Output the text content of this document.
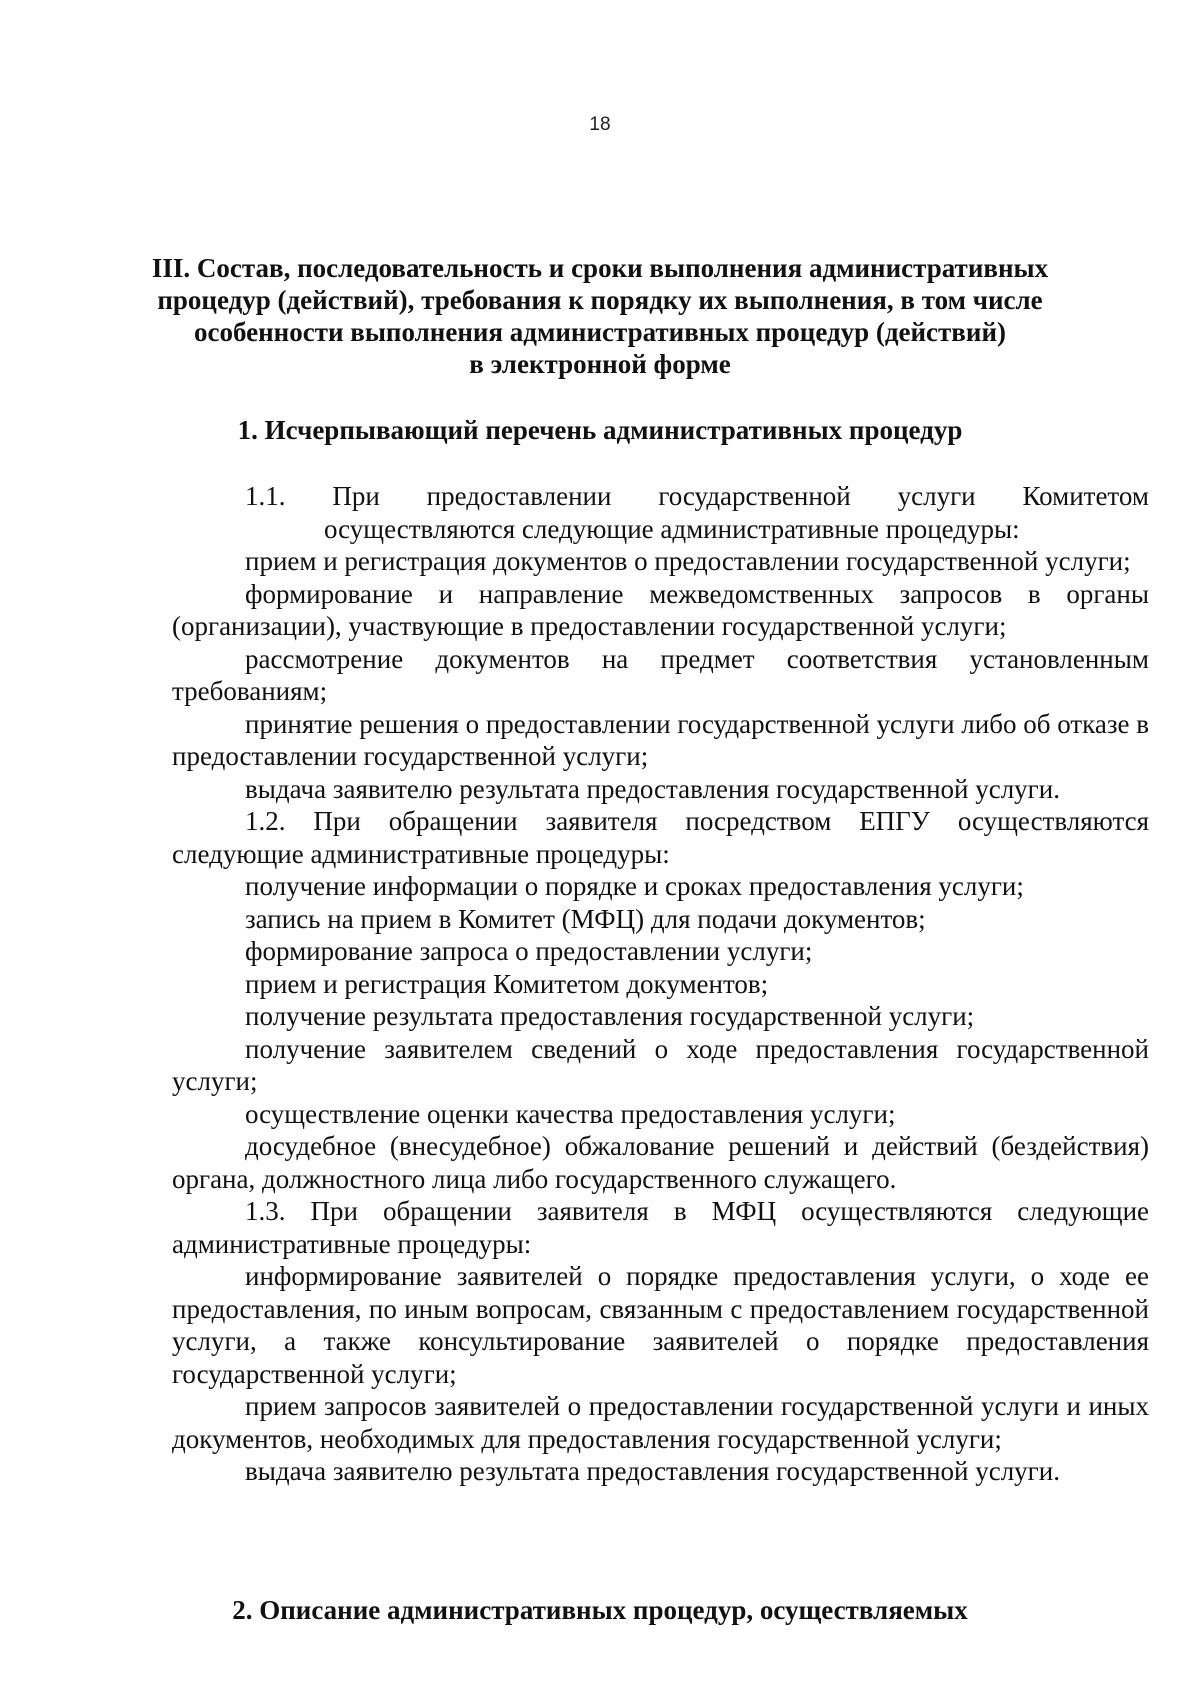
18
III. Состав, последовательность и сроки выполнения административных
процедур (действий), требования к порядку их выполнения, в том числе
особенности выполнения административных процедур (действий)
в электронной форме
1. Исчерпывающий перечень административных процедур
1.1. При предоставлении государственной услуги Комитетом
осуществляются следующие административные процедуры:

прием и регистрация документов о предоставлении государственной услуги;

формирование и направление межведомственных запросов в органы (организации), участвующие в предоставлении государственной услуги;

рассмотрение документов на предмет соответствия установленным требованиям;

принятие решения о предоставлении государственной услуги либо об отказе в предоставлении государственной услуги;

выдача заявителю результата предоставления государственной услуги.

1.2. При обращении заявителя посредством ЕПГУ осуществляются следующие административные процедуры:

получение информации о порядке и сроках предоставления услуги;

запись на прием в Комитет (МФЦ) для подачи документов;

формирование запроса о предоставлении услуги;

прием и регистрация Комитетом документов;

получение результата предоставления государственной услуги;

получение заявителем сведений о ходе предоставления государственной услуги;

осуществление оценки качества предоставления услуги;

досудебное (внесудебное) обжалование решений и действий (бездействия) органа, должностного лица либо государственного служащего.

1.3. При обращении заявителя в МФЦ осуществляются следующие административные процедуры:

информирование заявителей о порядке предоставления услуги, о ходе ее предоставления, по иным вопросам, связанным с предоставлением государственной услуги, а также консультирование заявителей о порядке предоставления государственной услуги;

прием запросов заявителей о предоставлении государственной услуги и иных документов, необходимых для предоставления государственной услуги;

выдача заявителю результата предоставления государственной услуги.

2. Описание административных процедур, осуществляемых
